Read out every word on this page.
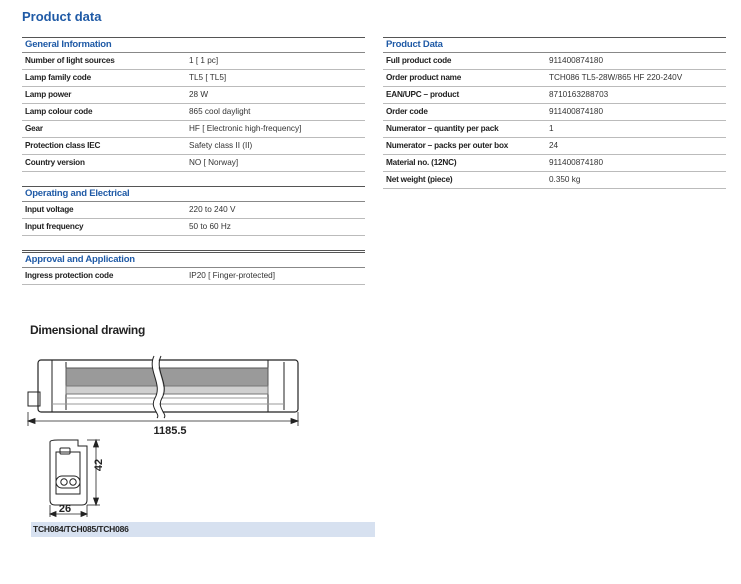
Product data
General Information
Number of light sources	1 [ 1 pc]
Lamp family code	TL5 [ TL5]
Lamp power	28 W
Lamp colour code	865 cool daylight
Gear	HF [ Electronic high-frequency]
Protection class IEC	Safety class II (II)
Country version	NO [ Norway]
Operating and Electrical
Input voltage	220 to 240 V
Input frequency	50 to 60 Hz
Approval and Application
Ingress protection code	IP20 [ Finger-protected]
Product Data
Full product code	911400874180
Order product name	TCH086 TL5-28W/865 HF 220-240V
EAN/UPC – product	8710163288703
Order code	911400874180
Numerator – quantity per pack	1
Numerator – packs per outer box	24
Material no. (12NC)	911400874180
Net weight (piece)	0.350 kg
Dimensional drawing
1185.5
42
26
TCH084/TCH085/TCH086
